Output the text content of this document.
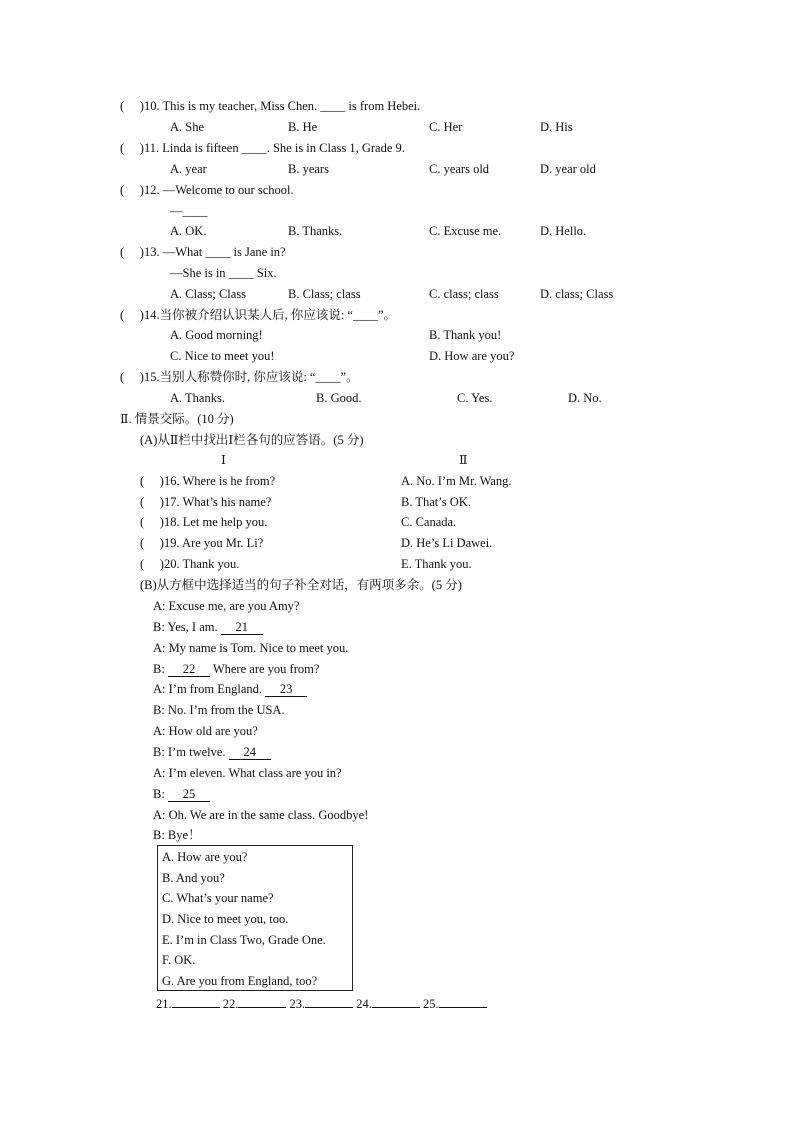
(　 )10. This is my teacher, Miss Chen. ____ is from Hebei.
A. She	B. He	C. Her	D. His
(　 )11. Linda is fifteen ____. She is in Class 1, Grade 9.
A. year	B. years	C. years old	D. year old
(　 )12. —Welcome to our school.
—____
A. OK.	B. Thanks.	C. Excuse me.	D. Hello.
(　 )13. —What ____ is Jane in?
—She is in ____ Six.
A. Class; Class	B. Class; class	C. class; class	D. class; Class
(　 )14.当你被介绍认识某人后, 你应该说: “____”。
A. Good morning!	B. Thank you!
C. Nice to meet you!	D. How are you?
(　 )15.当别人称赞你时, 你应该说: “____”。
A. Thanks.	B. Good.	C. Yes.	D. No.
Ⅱ. 情景交际。(10 分)
(A)从Ⅱ栏中找出Ⅰ栏各句的应答语。(5 分)
Ⅰ	Ⅱ
(　 )16. Where is he from?	A. No. I’m Mr. Wang.
(　 )17. What’s his name?	B. That’s OK.
(　 )18. Let me help you.	C. Canada.
(　 )19. Are you Mr. Li?	D. He’s Li Dawei.
(　 )20. Thank you.	E. Thank you.
(B)从方框中选择适当的句子补全对话，有两项多余。(5 分)
A: Excuse me, are you Amy?
B: Yes, I am. 21
A: My name is Tom. Nice to meet you.
B: 22 Where are you from?
A: I’m from England. 23
B: No. I’m from the USA.
A: How old are you?
B: I’m twelve. 24
A: I’m eleven. What class are you in?
B: 25
A: Oh. We are in the same class. Goodbye!
B: Bye！
A. How are you?
B. And you?
C. What’s your name?
D. Nice to meet you, too.
E. I’m in Class Two, Grade One.
F. OK.
G. Are you from England, too?
21.	22.	23.	24.	25.
